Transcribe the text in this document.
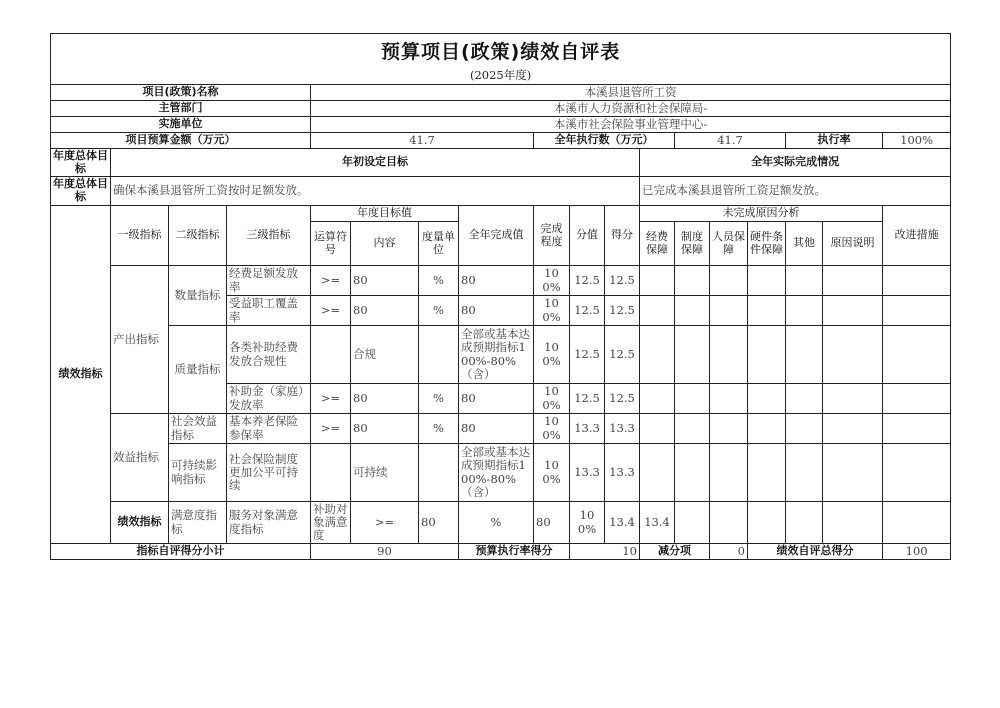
预算项目(政策)绩效自评表																		
(2025年度)																		
项目(政策)名称				本溪县退管所工资														
主管部门				本溪市人力资源和社会保障局-														
实施单位				本溪市社会保险事业管理中心-														
项目预算金额（万元）				41.7				全年执行数（万元）				41.7			执行率		100%	
年度总体目标	年初设定目标										全年实际完成情况							
年度总体目标	确保本溪县退管所工资按时足额发放。										已完成本溪县退管所工资足额发放。							
绩效指标	一级指标	二级指标	三级指标	年度目标值			全年完成值	完成程度	分值	得分	未完成原因分析						改进措施	
				运算符号	内容	度量单位					经费保障	制度保障	人员保障	硬件条件保障	其他	原因说明		
	产出指标	数量指标	经费足额发放率	>=	80	%	80	100%	12.5	12.5								
			受益职工覆盖率	>=	80	%	80	100%	12.5	12.5								
		质量指标	各类补助经费发放合规性		合规		全部或基本达成预期指标100%-80%（含）	100%	12.5	12.5								
			补助金（家庭）发放率	>=	80	%	80	100%	12.5	12.5								
	效益指标	社会效益指标	基本养老保险参保率	>=	80	%	80	100%	13.3	13.3								
		可持续影响指标	社会保险制度更加公平可持续		可持续		全部或基本达成预期指标100%-80%（含）	100%	13.3	13.3								
	绩效指标	满意度指标	服务对象满意度指标	补助对象满意度	>=	80	%	80	100%	13.4	13.4							
指标自评得分小计				90			预算执行率得分		10		减分项		0	绩效自评总得分			100	
